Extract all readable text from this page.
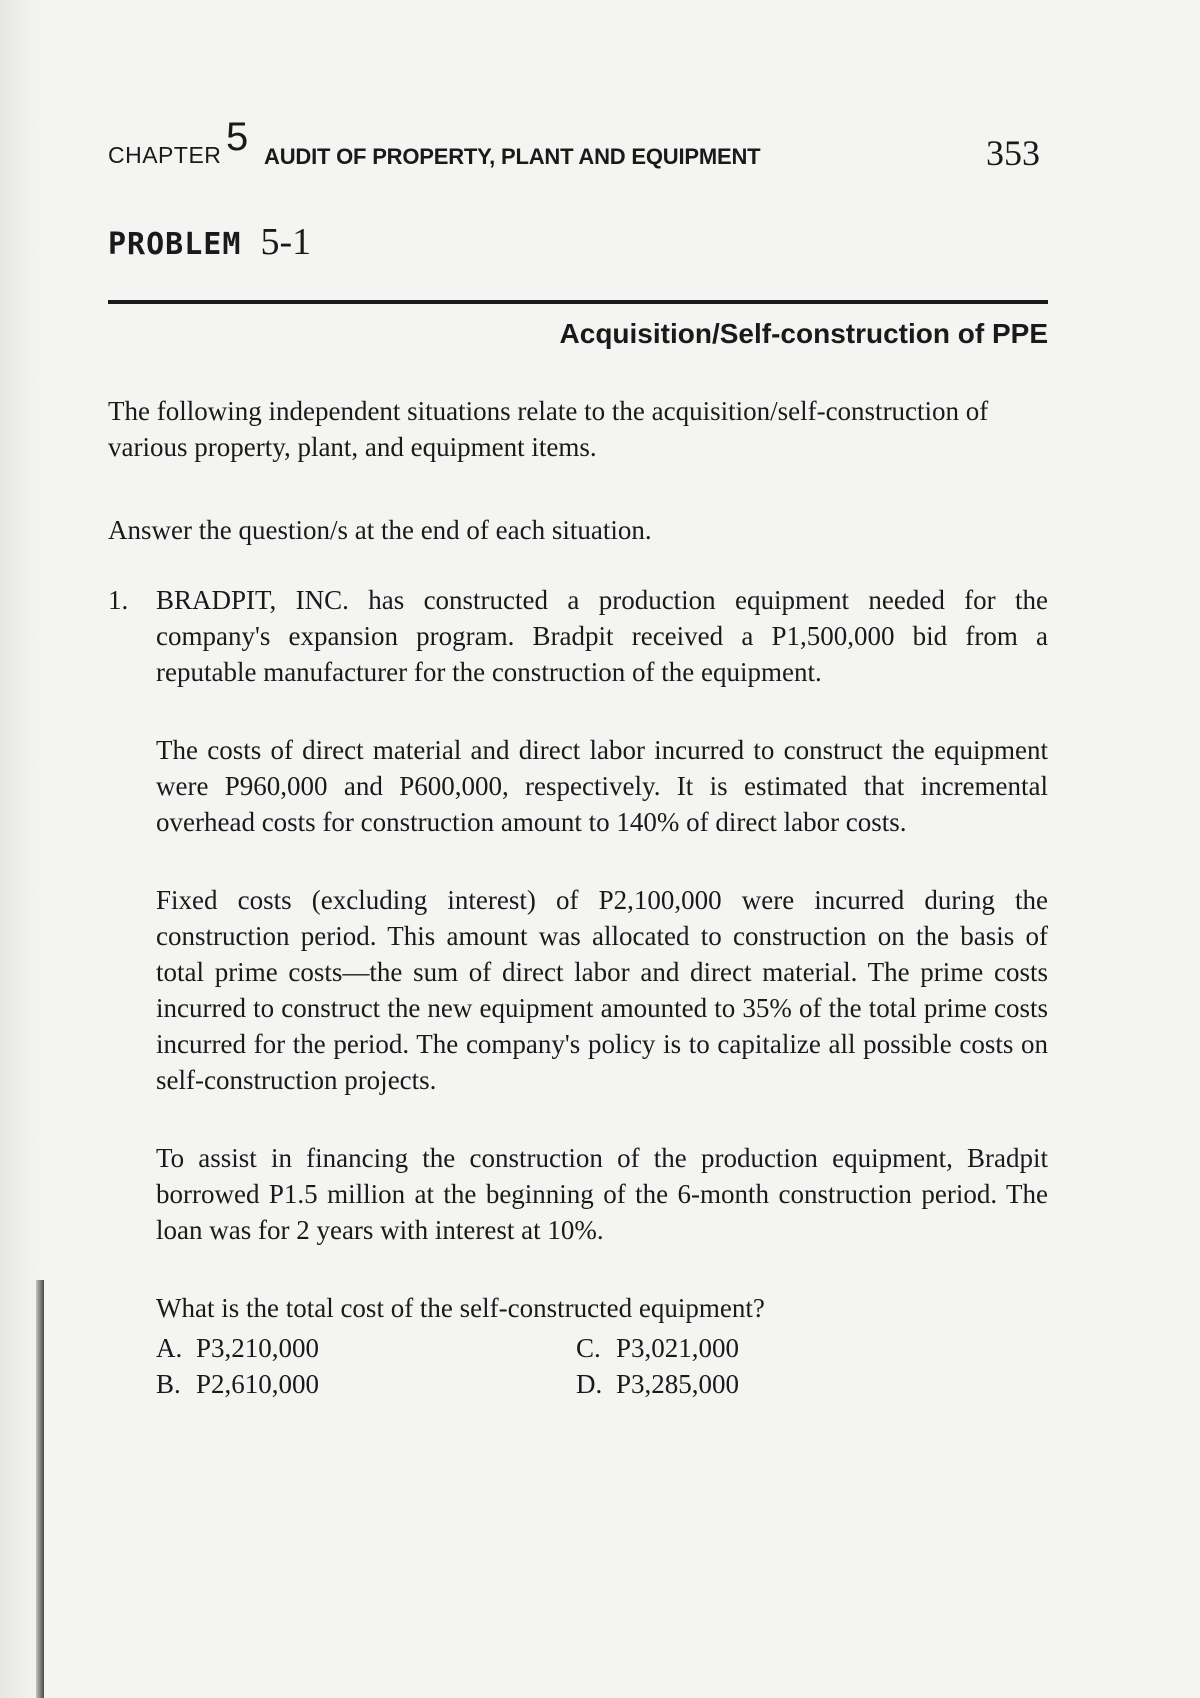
CHAPTER 5 AUDIT OF PROPERTY, PLANT AND EQUIPMENT	353
PROBLEM 5-1
Acquisition/Self-construction of PPE
The following independent situations relate to the acquisition/self-construction of various property, plant, and equipment items.
Answer the question/s at the end of each situation.
1. BRADPIT, INC. has constructed a production equipment needed for the company's expansion program. Bradpit received a P1,500,000 bid from a reputable manufacturer for the construction of the equipment.

The costs of direct material and direct labor incurred to construct the equipment were P960,000 and P600,000, respectively. It is estimated that incremental overhead costs for construction amount to 140% of direct labor costs.

Fixed costs (excluding interest) of P2,100,000 were incurred during the construction period. This amount was allocated to construction on the basis of total prime costs—the sum of direct labor and direct material. The prime costs incurred to construct the new equipment amounted to 35% of the total prime costs incurred for the period. The company's policy is to capitalize all possible costs on self-construction projects.

To assist in financing the construction of the production equipment, Bradpit borrowed P1.5 million at the beginning of the 6-month construction period. The loan was for 2 years with interest at 10%.

What is the total cost of the self-constructed equipment?

A. P3,210,000	C. P3,021,000
B. P2,610,000	D. P3,285,000
